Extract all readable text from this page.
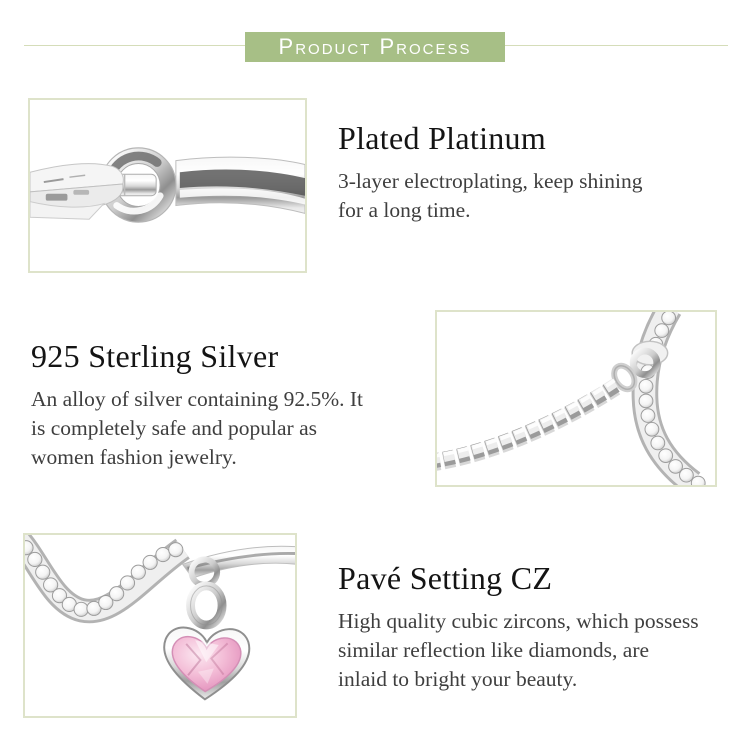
Product Process
Plated Platinum

3-layer electroplating, keep shining
for a long time.

925 Sterling Silver

An alloy of silver containing 92.5%. It
is completely safe and popular as
women fashion jewelry.

Pavé Setting CZ

High quality cubic zircons, which possess
similar reflection like diamonds, are
inlaid to bright your beauty.
